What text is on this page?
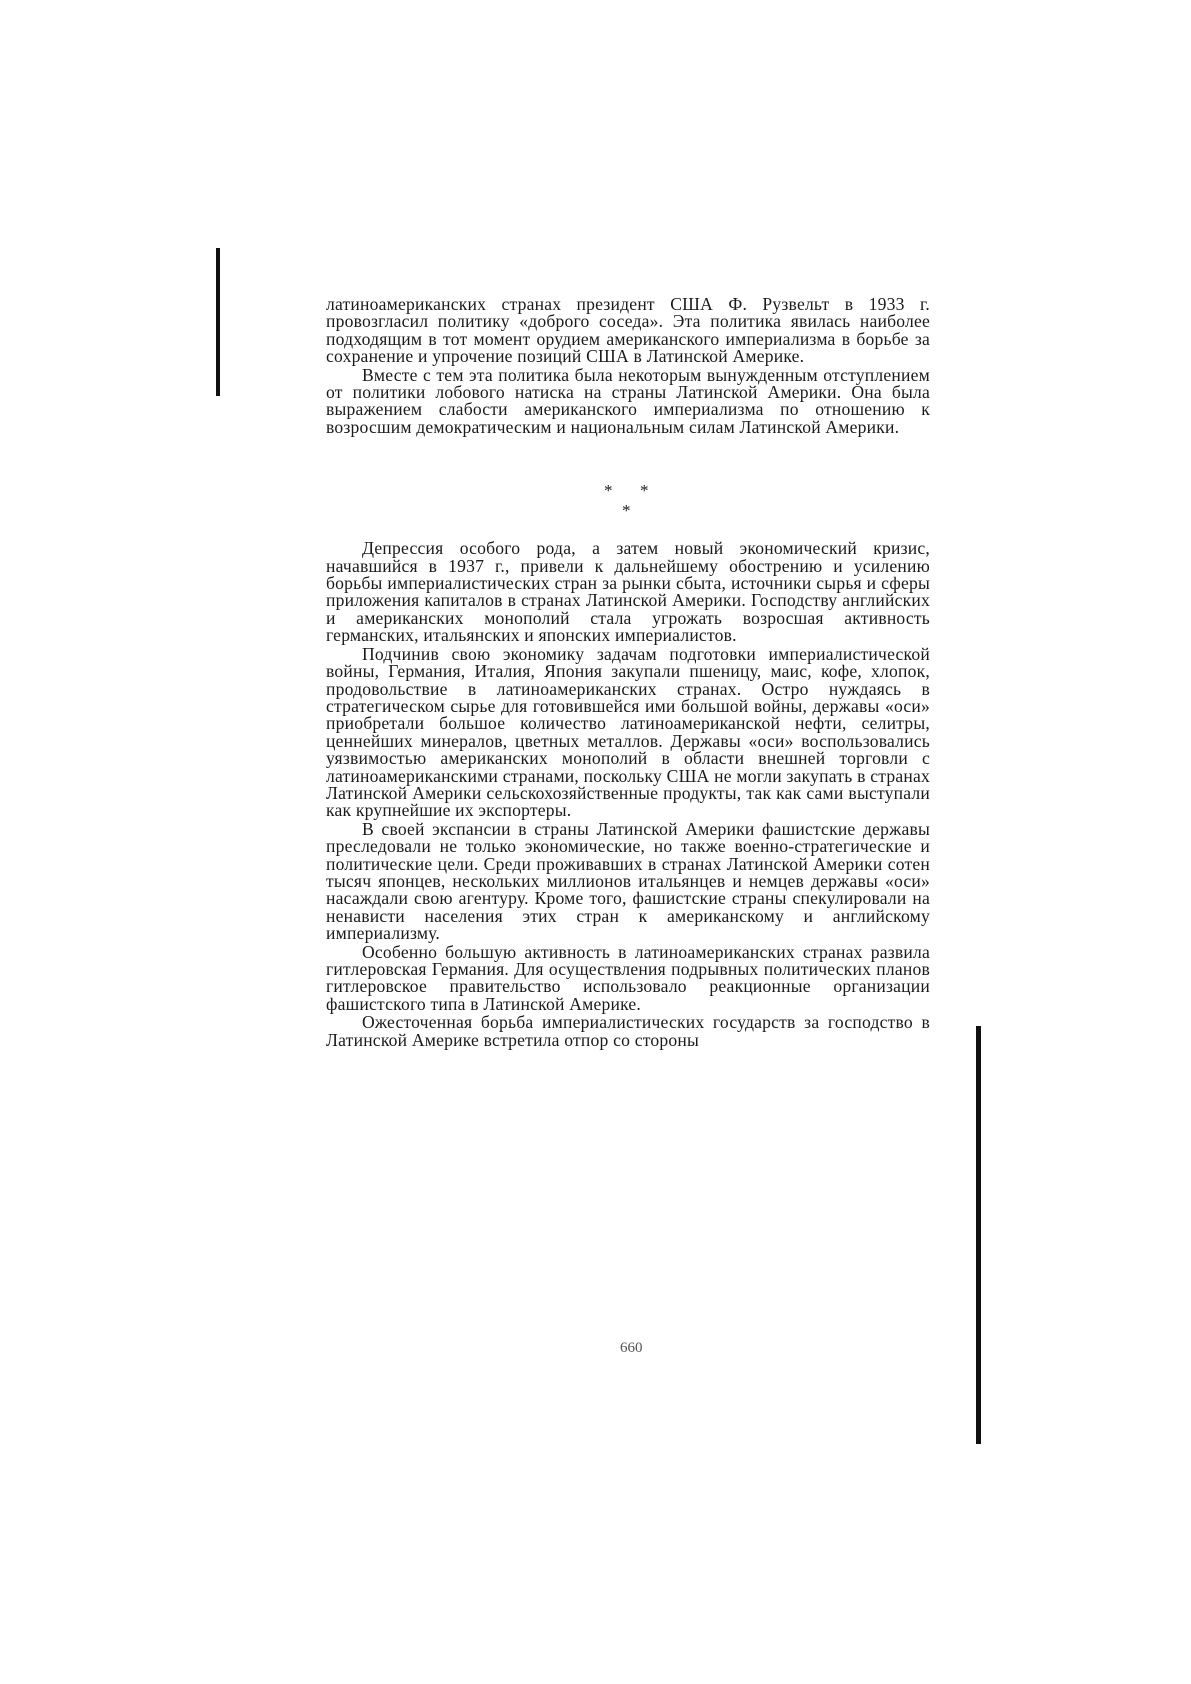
латиноамериканских странах президент США Ф. Рузвельт в 1933 г. провозгласил политику «доброго соседа». Эта политика явилась наиболее подходящим в тот момент орудием американского империализма в борьбе за сохранение и упрочение позиций США в Латинской Америке.

Вместе с тем эта политика была некоторым вынужденным отступлением от политики лобового натиска на страны Латинской Америки. Она была выражением слабости американского империализма по отношению к возросшим демократическим и национальным силам Латинской Америки.

* *
*

Депрессия особого рода, а затем новый экономический кризис, начавшийся в 1937 г., привели к дальнейшему обострению и усилению борьбы империалистических стран за рынки сбыта, источники сырья и сферы приложения капиталов в странах Латинской Америки. Господству английских и американских монополий стала угрожать возросшая активность германских, итальянских и японских империалистов.

Подчинив свою экономику задачам подготовки империалистической войны, Германия, Италия, Япония закупали пшеницу, маис, кофе, хлопок, продовольствие в латиноамериканских странах. Остро нуждаясь в стратегическом сырье для готовившейся ими большой войны, державы «оси» приобретали большое количество латиноамериканской нефти, селитры, ценнейших минералов, цветных металлов. Державы «оси» воспользовались уязвимостью американских монополий в области внешней торговли с латиноамериканскими странами, поскольку США не могли закупать в странах Латинской Америки сельскохозяйственные продукты, так как сами выступали как крупнейшие их экспортеры.

В своей экспансии в страны Латинской Америки фашистские державы преследовали не только экономические, но также военно-стратегические и политические цели. Среди проживавших в странах Латинской Америки сотен тысяч японцев, нескольких миллионов итальянцев и немцев державы «оси» насаждали свою агентуру. Кроме того, фашистские страны спекулировали на ненависти населения этих стран к американскому и английскому империализму.

Особенно большую активность в латиноамериканских странах развила гитлеровская Германия. Для осуществления подрывных политических планов гитлеровское правительство использовало реакционные организации фашистского типа в Латинской Америке.

Ожесточенная борьба империалистических государств за господство в Латинской Америке встретила отпор со стороны

660
